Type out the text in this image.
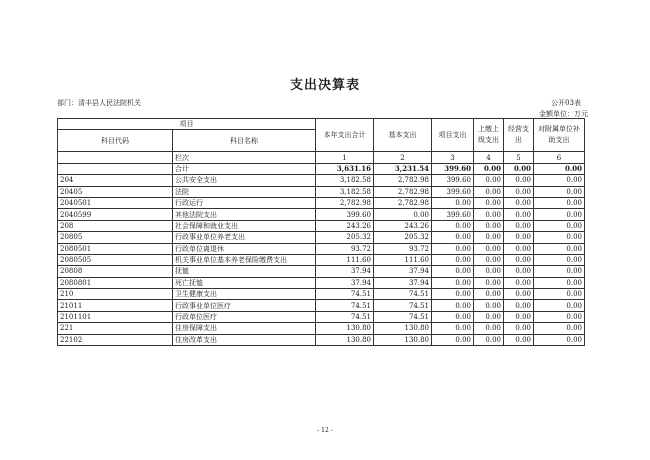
支出决算表
部门：清丰县人民法院机关	公开03表
金额单位：万元
项目		本年支出合计	基本支出	项目支出	上缴上级支出	经营支出	对附属单位补助支出
科目代码	科目名称						

	栏次	1	2	3	4	5	6
	合计	3,631.16	3,231.54	399.60	0.00	0.00	0.00
204	公共安全支出	3,182.58	2,782.98	399.60	0.00	0.00	0.00
20405	法院	3,182.58	2,782.98	399.60	0.00	0.00	0.00
2040501	行政运行	2,782.98	2,782.98	0.00	0.00	0.00	0.00
2040599	其他法院支出	399.60	0.00	399.60	0.00	0.00	0.00
208	社会保障和就业支出	243.26	243.26	0.00	0.00	0.00	0.00
20805	行政事业单位养老支出	205.32	205.32	0.00	0.00	0.00	0.00
2080501	行政单位离退休	93.72	93.72	0.00	0.00	0.00	0.00
2080505	机关事业单位基本养老保险缴费支出	111.60	111.60	0.00	0.00	0.00	0.00
20808	抚恤	37.94	37.94	0.00	0.00	0.00	0.00
2080801	死亡抚恤	37.94	37.94	0.00	0.00	0.00	0.00
210	卫生健康支出	74.51	74.51	0.00	0.00	0.00	0.00
21011	行政事业单位医疗	74.51	74.51	0.00	0.00	0.00	0.00
2101101	行政单位医疗	74.51	74.51	0.00	0.00	0.00	0.00
221	住房保障支出	130.80	130.80	0.00	0.00	0.00	0.00
22102	住房改革支出	130.80	130.80	0.00	0.00	0.00	0.00
- 12 -
